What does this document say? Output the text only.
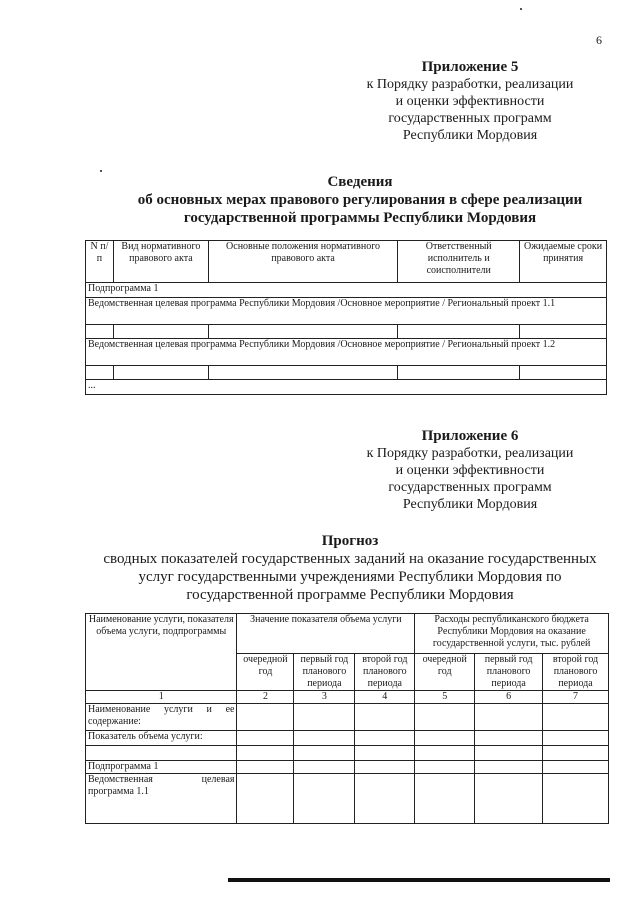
6
Приложение 5
к Порядку разработки, реализации
и оценки эффективности
государственных программ
Республики Мордовия
Сведения
об основных мерах правового регулирования в сфере реализации
государственной программы Республики Мордовия
N п/п	Вид нормативного правового акта	Основные положения нормативного правового акта	Ответственный исполнитель и соисполнители	Ожидаемые сроки принятия
Подпрограмма 1				
Ведомственная целевая программа Республики Мордовия /Основное мероприятие / Региональный проект 1.1				

Ведомственная целевая программа Республики Мордовия /Основное мероприятие / Региональный проект 1.2				

...				
Приложение 6
к Порядку разработки, реализации
и оценки эффективности
государственных программ
Республики Мордовия
Прогноз
сводных показателей государственных заданий на оказание государственных
услуг государственными учреждениями Республики Мордовия по
государственной программе Республики Мордовия
Наименование услуги, показателя объема услуги, подпрограммы	Значение показателя объема услуги			Расходы республиканского бюджета Республики Мордовия на оказание государственной услуги, тыс. рублей		
	очередной год	первый год планового периода	второй год планового периода	очередной год	первый год планового периода	второй год планового периода
1	2	3	4	5	6	7
Наименование услуги и ее содержание:						
Показатель объема услуги:						

Подпрограмма 1						
Ведомственная целевая программа 1.1						
